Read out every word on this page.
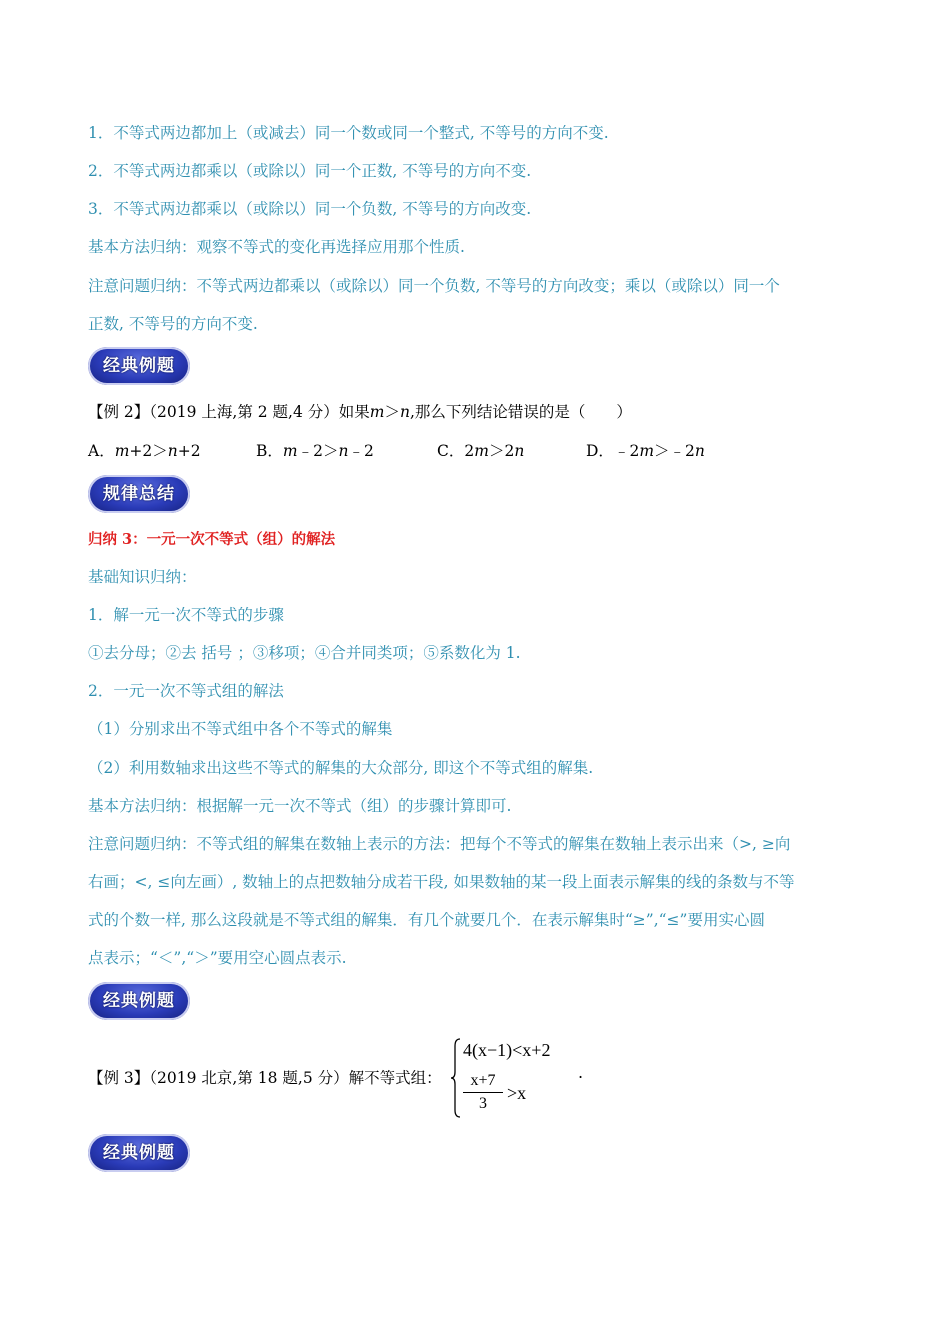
1．不等式两边都加上（或减去）同一个数或同一个整式, 不等号的方向不变.
2．不等式两边都乘以（或除以）同一个正数, 不等号的方向不变.
3．不等式两边都乘以（或除以）同一个负数, 不等号的方向改变.
基本方法归纳：观察不等式的变化再选择应用那个性质.
注意问题归纳：不等式两边都乘以（或除以）同一个负数, 不等号的方向改变；乘以（或除以）同一个
正数, 不等号的方向不变.
经典例题
【例 2】（2019 上海,第 2 题,4 分）如果m＞n,那么下列结论错误的是（　　）
A．m+2＞n+2	B．m﹣2＞n﹣2	C．2m＞2n	D．﹣2m＞﹣2n
规律总结
归纳 3：一元一次不等式（组）的解法
基础知识归纳：
1．解一元一次不等式的步骤
①去分母；②去 括号 ；③移项；④合并同类项；⑤系数化为 1.
2．一元一次不等式组的解法
（1）分别求出不等式组中各个不等式的解集
（2）利用数轴求出这些不等式的解集的大众部分, 即这个不等式组的解集.
基本方法归纳：根据解一元一次不等式（组）的步骤计算即可.
注意问题归纳：不等式组的解集在数轴上表示的方法：把每个不等式的解集在数轴上表示出来（>, ≥向
右画；<, ≤向左画）, 数轴上的点把数轴分成若干段, 如果数轴的某一段上面表示解集的线的条数与不等
式的个数一样, 那么这段就是不等式组的解集．有几个就要几个．在表示解集时“≥”,“≤”要用实心圆
点表示；“＜”,“＞”要用空心圆点表示.
经典例题
【例 3】（2019 北京,第 18 题,5 分）解不等式组：
4(x−1)<x+2
x+7
3
>x
.
经典例题
